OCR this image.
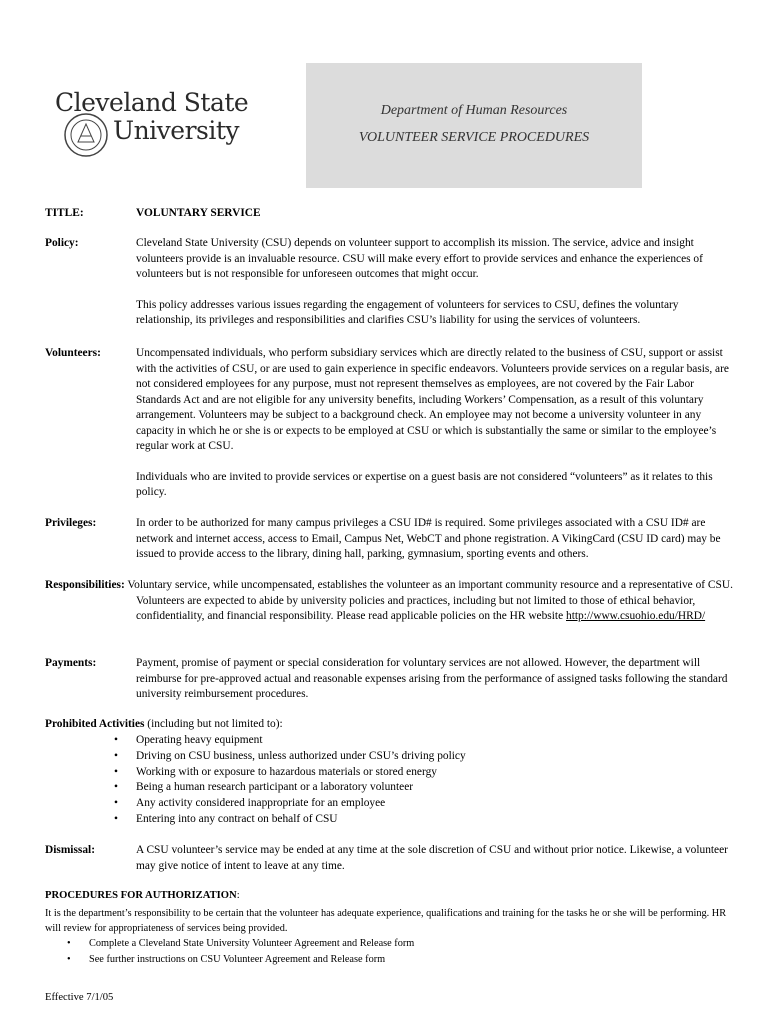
Cleveland State
University
Department of Human Resources
VOLUNTEER SERVICE PROCEDURES
TITLE:	VOLUNTARY SERVICE
Policy:	Cleveland State University (CSU) depends on volunteer support to accomplish its mission. The service, advice and insight volunteers provide is an invaluable resource. CSU will make every effort to provide services and enhance the experiences of volunteers but is not responsible for unforeseen outcomes that might occur.

This policy addresses various issues regarding the engagement of volunteers for services to CSU, defines the voluntary relationship, its privileges and responsibilities and clarifies CSU’s liability for using the services of volunteers.

Volunteers:	Uncompensated individuals, who perform subsidiary services which are directly related to the business of CSU, support or assist with the activities of CSU, or are used to gain experience in specific endeavors. Volunteers provide services on a regular basis, are not considered employees for any purpose, must not represent themselves as employees, are not covered by the Fair Labor Standards Act and are not eligible for any university benefits, including Workers’ Compensation, as a result of this voluntary arrangement. Volunteers may be subject to a background check. An employee may not become a university volunteer in any capacity in which he or she is or expects to be employed at CSU or which is substantially the same or similar to the employee’s regular work at CSU.

Individuals who are invited to provide services or expertise on a guest basis are not considered “volunteers” as it relates to this policy.

Privileges:	In order to be authorized for many campus privileges a CSU ID# is required. Some privileges associated with a CSU ID# are network and internet access, access to Email, Campus Net, WebCT and phone registration. A VikingCard (CSU ID card) may be issued to provide access to the library, dining hall, parking, gymnasium, sporting events and others.
Responsibilities: Voluntary service, while uncompensated, establishes the volunteer as an important community resource and a representative of CSU. Volunteers are expected to abide by university policies and practices, including but not limited to those of ethical behavior, confidentiality, and financial responsibility. Please read applicable policies on the HR website http://www.csuohio.edu/HRD/
Payments:	Payment, promise of payment or special consideration for voluntary services are not allowed. However, the department will reimburse for pre-approved actual and reasonable expenses arising from the performance of assigned tasks following the standard university reimbursement procedures.
Prohibited Activities (including but not limited to):
• Operating heavy equipment
• Driving on CSU business, unless authorized under CSU’s driving policy
• Working with or exposure to hazardous materials or stored energy
• Being a human research participant or a laboratory volunteer
• Any activity considered inappropriate for an employee
• Entering into any contract on behalf of CSU
Dismissal:	A CSU volunteer’s service may be ended at any time at the sole discretion of CSU and without prior notice. Likewise, a volunteer may give notice of intent to leave at any time.
PROCEDURES FOR AUTHORIZATION:
It is the department’s responsibility to be certain that the volunteer has adequate experience, qualifications and training for the tasks he or she will be performing. HR will review for appropriateness of services being provided.
• Complete a Cleveland State University Volunteer Agreement and Release form
• See further instructions on CSU Volunteer Agreement and Release form
Effective 7/1/05
